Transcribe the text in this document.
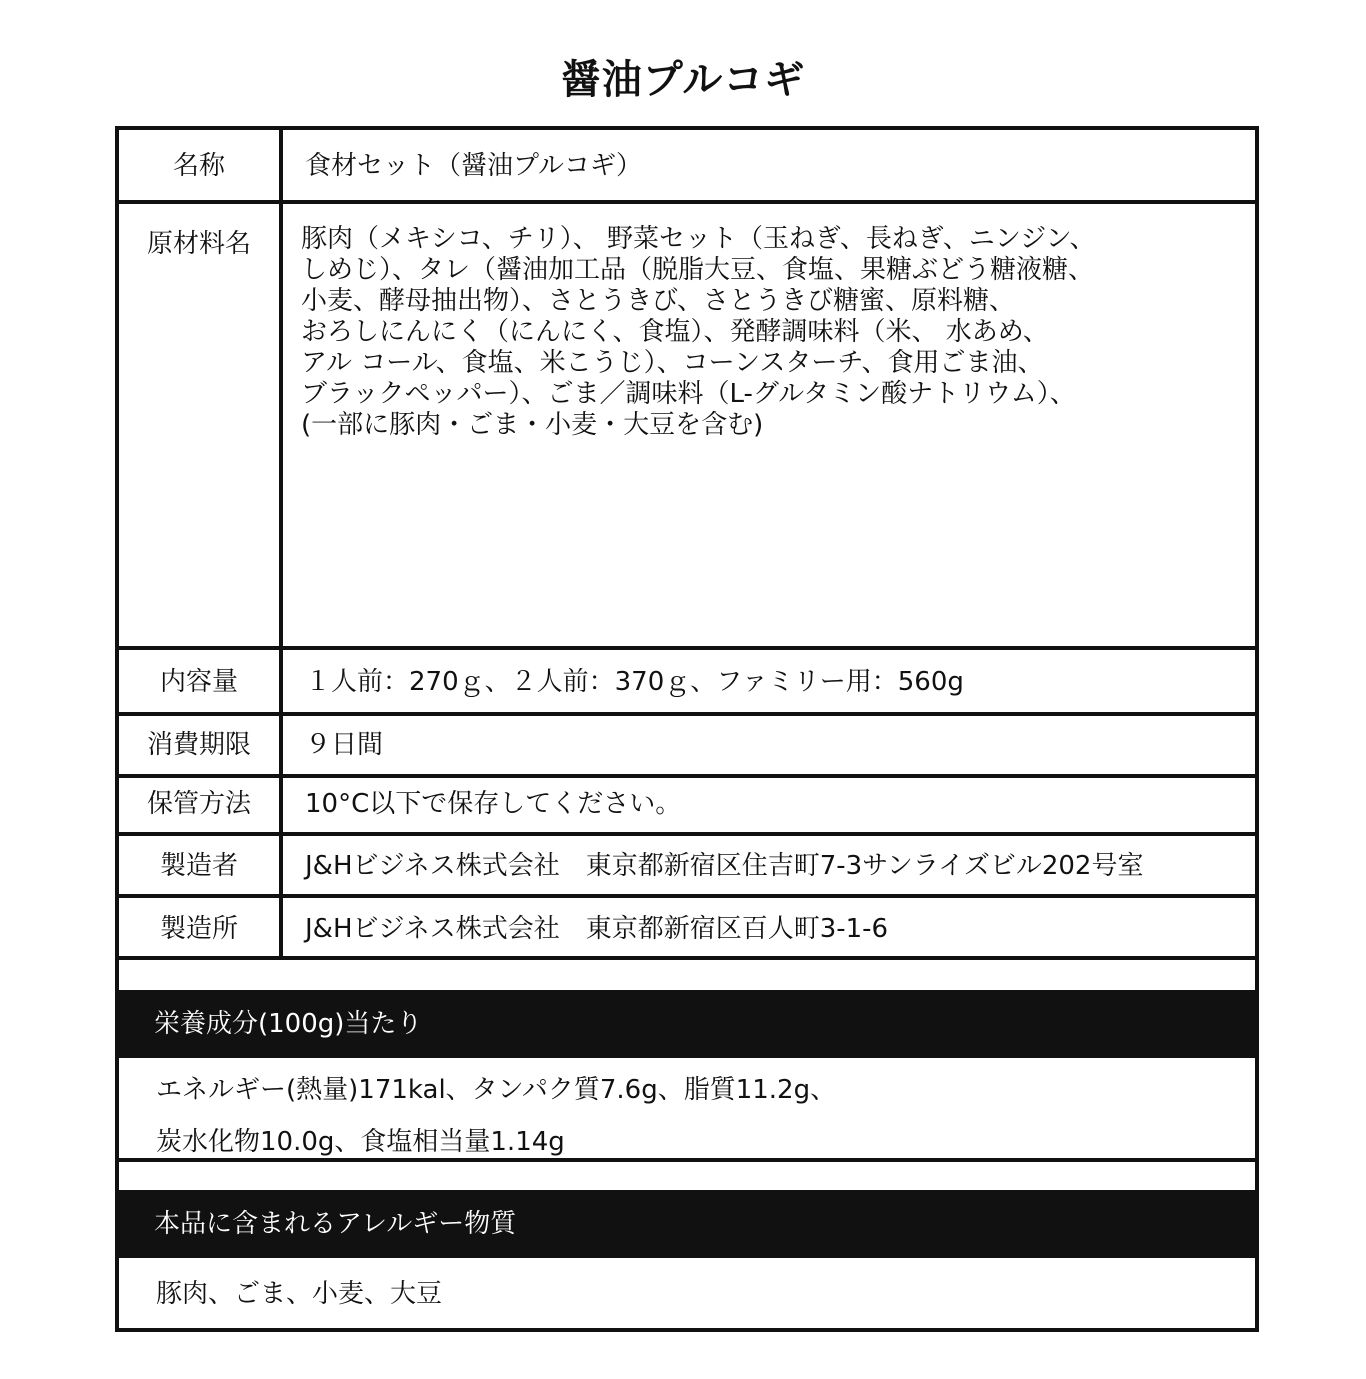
醤油プルコギ
名称	食材セット（醤油プルコギ）
原材料名	豚肉（メキシコ、チリ）、 野菜セット（玉ねぎ、長ねぎ、ニンジン、
しめじ）、タレ（醤油加工品（脱脂大豆、食塩、果糖ぶどう糖液糖、
小麦、酵母抽出物）、さとうきび、さとうきび糖蜜、原料糖、
おろしにんにく（にんにく、食塩）、発酵調味料（米、 水あめ、
アル コール、食塩、米こうじ）、コーンスターチ、食用ごま油、
ブラックペッパー）、ごま／調味料（L-グルタミン酸ナトリウム）、
(一部に豚肉・ごま・小麦・大豆を含む)
内容量	１人前：270ｇ、２人前：370ｇ、ファミリー用：560g
消費期限	９日間
保管方法	10°C以下で保存してください。
製造者	J&Hビジネス株式会社　東京都新宿区住吉町7-3サンライズビル202号室
製造所	J&Hビジネス株式会社　東京都新宿区百人町3-1-6
栄養成分(100g)当たり
エネルギー(熱量)171kal、タンパク質7.6g、脂質11.2g、
炭水化物10.0g、食塩相当量1.14g
本品に含まれるアレルギー物質
豚肉、ごま、小麦、大豆
